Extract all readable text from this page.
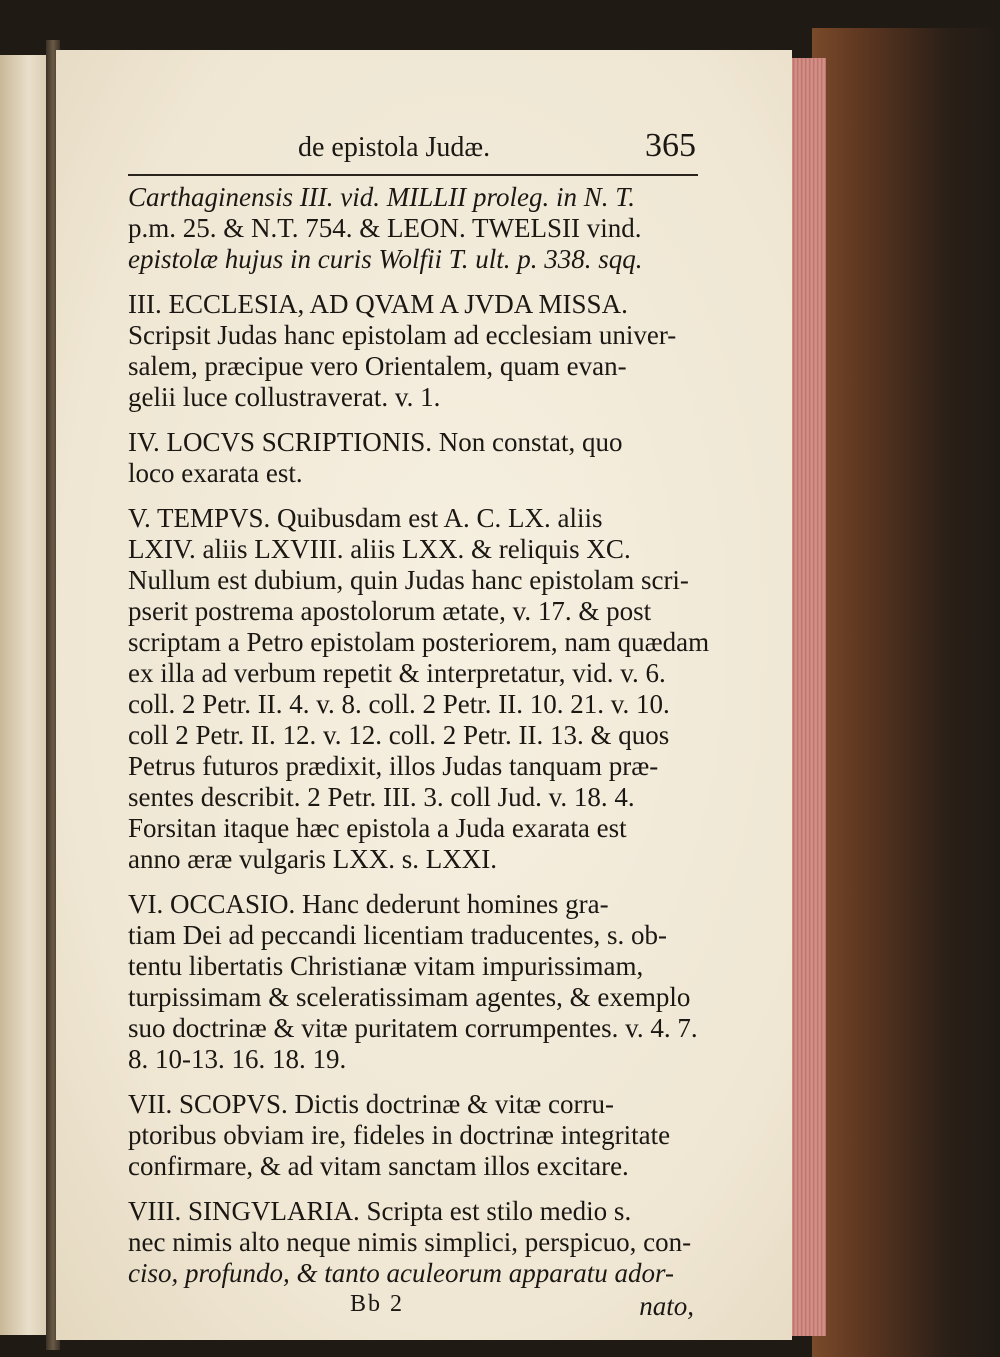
de epistola Judæ.	365
Carthaginensis III. vid. MILLII proleg. in N. T.
p.m. 25. & N.T. 754. & LEON. TWELSII vind.
epistolæ hujus in curis Wolfii T. ult. p. 338. sqq.
III. ECCLESIA, AD QVAM A JVDA MISSA.
Scripsit Judas hanc epistolam ad ecclesiam univer-
salem, præcipue vero Orientalem, quam evan-
gelii luce collustraverat. v. 1.
IV. LOCVS SCRIPTIONIS. Non constat, quo
loco exarata est.
V. TEMPVS. Quibusdam est A. C. LX. aliis
LXIV. aliis LXVIII. aliis LXX. & reliquis XC.
Nullum est dubium, quin Judas hanc epistolam scri-
pserit postrema apostolorum ætate, v. 17. & post
scriptam a Petro epistolam posteriorem, nam quædam
ex illa ad verbum repetit & interpretatur, vid. v. 6.
coll. 2 Petr. II. 4. v. 8. coll. 2 Petr. II. 10. 21. v. 10.
coll 2 Petr. II. 12. v. 12. coll. 2 Petr. II. 13. & quos
Petrus futuros prædixit, illos Judas tanquam præ-
sentes describit. 2 Petr. III. 3. coll Jud. v. 18. 4.
Forsitan itaque hæc epistola a Juda exarata est
anno æræ vulgaris LXX. s. LXXI.
VI. OCCASIO. Hanc dederunt homines gra-
tiam Dei ad peccandi licentiam traducentes, s. ob-
tentu libertatis Christianæ vitam impurissimam,
turpissimam & sceleratissimam agentes, & exemplo
suo doctrinæ & vitæ puritatem corrumpentes. v. 4. 7.
8. 10-13. 16. 18. 19.
VII. SCOPVS. Dictis doctrinæ & vitæ corru-
ptoribus obviam ire, fideles in doctrinæ integritate
confirmare, & ad vitam sanctam illos excitare.
VIII. SINGVLARIA. Scripta est stilo medio s.
nec nimis alto neque nimis simplici, perspicuo, con-
ciso, profundo, & tanto aculeorum apparatu ador-
Bb 2	nato,
